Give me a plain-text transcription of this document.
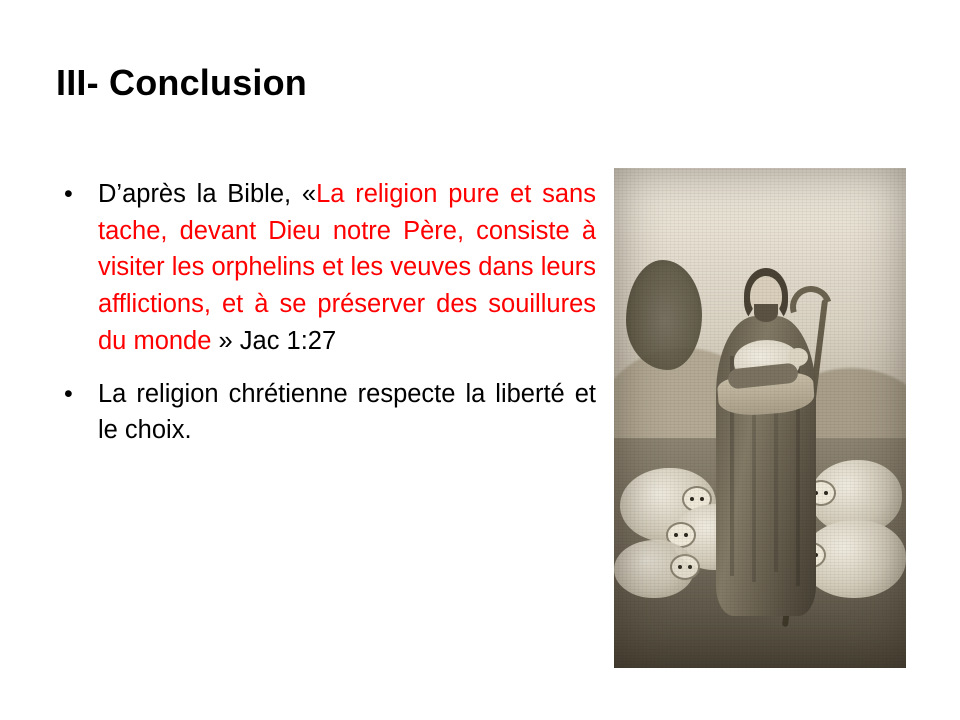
III- Conclusion
• D’après la Bible, «La religion pure et sans tache, devant Dieu notre Père, consiste à visiter les orphelins et les veuves dans leurs afflictions, et à se préserver des souillures du monde » Jac 1:27
• La religion chrétienne respecte la liberté et le choix.
